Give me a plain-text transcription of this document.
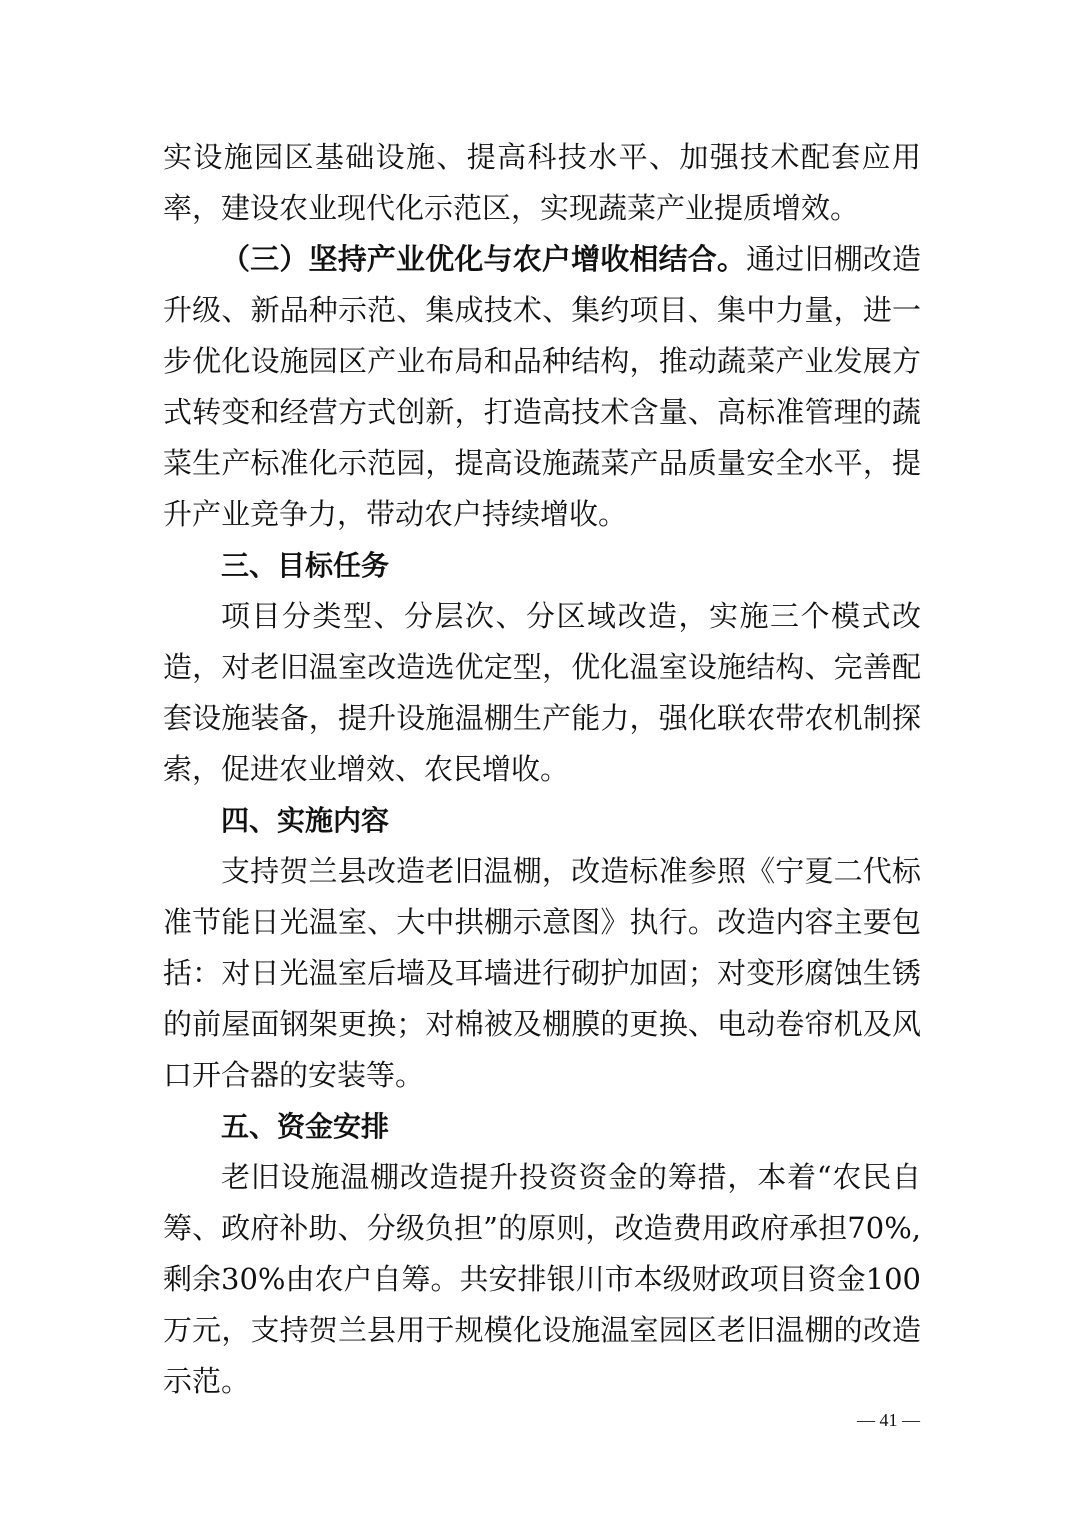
实设施园区基础设施、提高科技水平、加强技术配套应用率，建设农业现代化示范区，实现蔬菜产业提质增效。

（三）坚持产业优化与农户增收相结合。通过旧棚改造升级、新品种示范、集成技术、集约项目、集中力量，进一步优化设施园区产业布局和品种结构，推动蔬菜产业发展方式转变和经营方式创新，打造高技术含量、高标准管理的蔬菜生产标准化示范园，提高设施蔬菜产品质量安全水平，提升产业竞争力，带动农户持续增收。

三、目标任务

项目分类型、分层次、分区域改造，实施三个模式改造，对老旧温室改造选优定型，优化温室设施结构、完善配套设施装备，提升设施温棚生产能力，强化联农带农机制探索，促进农业增效、农民增收。

四、实施内容

支持贺兰县改造老旧温棚，改造标准参照《宁夏二代标准节能日光温室、大中拱棚示意图》执行。改造内容主要包括：对日光温室后墙及耳墙进行砌护加固；对变形腐蚀生锈的前屋面钢架更换；对棉被及棚膜的更换、电动卷帘机及风口开合器的安装等。

五、资金安排

老旧设施温棚改造提升投资资金的筹措，本着“农民自筹、政府补助、分级负担”的原则，改造费用政府承担70%,剩余30%由农户自筹。共安排银川市本级财政项目资金100万元，支持贺兰县用于规模化设施温室园区老旧温棚的改造示范。

— 41 —
